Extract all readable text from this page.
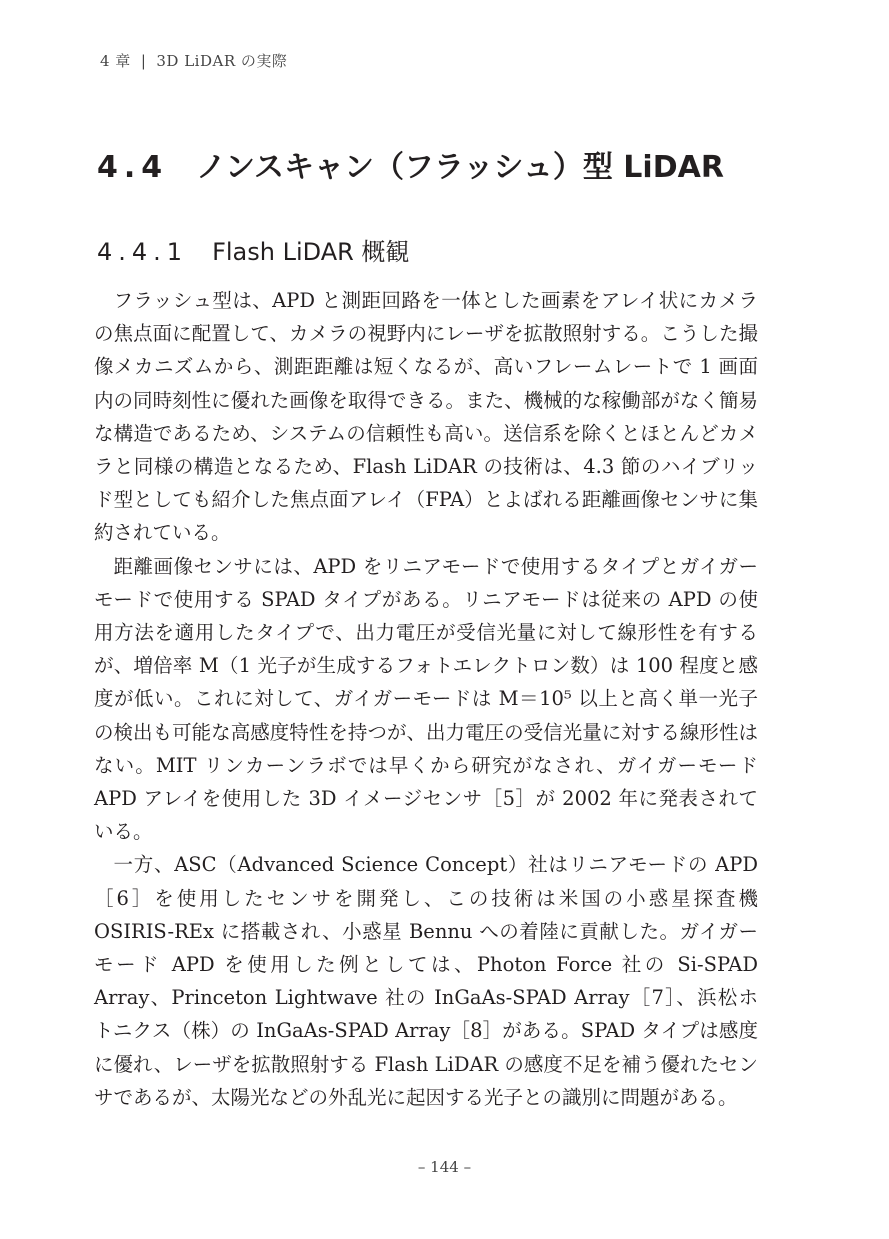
4 章 | 3D LiDAR の実際
4.4 ノンスキャン（フラッシュ）型 LiDAR
4.4.1 Flash LiDAR 概観

フラッシュ型は、APD と測距回路を一体とした画素をアレイ状にカメラの焦点面に配置して、カメラの視野内にレーザを拡散照射する。こうした撮像メカニズムから、測距距離は短くなるが、高いフレームレートで 1 画面内の同時刻性に優れた画像を取得できる。また、機械的な稼働部がなく簡易な構造であるため、システムの信頼性も高い。送信系を除くとほとんどカメラと同様の構造となるため、Flash LiDAR の技術は、4.3 節のハイブリッド型としても紹介した焦点面アレイ（FPA）とよばれる距離画像センサに集約されている。

距離画像センサには、APD をリニアモードで使用するタイプとガイガーモードで使用する SPAD タイプがある。リニアモードは従来の APD の使用方法を適用したタイプで、出力電圧が受信光量に対して線形性を有するが、増倍率 M（1 光子が生成するフォトエレクトロン数）は 100 程度と感度が低い。これに対して、ガイガーモードは M＝10⁵ 以上と高く単一光子の検出も可能な高感度特性を持つが、出力電圧の受信光量に対する線形性はない。MIT リンカーンラボでは早くから研究がなされ、ガイガーモード APD アレイを使用した 3D イメージセンサ［5］が 2002 年に発表されている。

一方、ASC（Advanced Science Concept）社はリニアモードの APD［6］を使用したセンサを開発し、この技術は米国の小惑星探査機 OSIRIS-REx に搭載され、小惑星 Bennu への着陸に貢献した。ガイガーモード APD を使用した例としては、Photon Force 社の Si-SPAD Array、Princeton Lightwave 社の InGaAs-SPAD Array［7］、浜松ホトニクス（株）の InGaAs-SPAD Array［8］がある。SPAD タイプは感度に優れ、レーザを拡散照射する Flash LiDAR の感度不足を補う優れたセンサであるが、太陽光などの外乱光に起因する光子との識別に問題がある。

– 144 –
